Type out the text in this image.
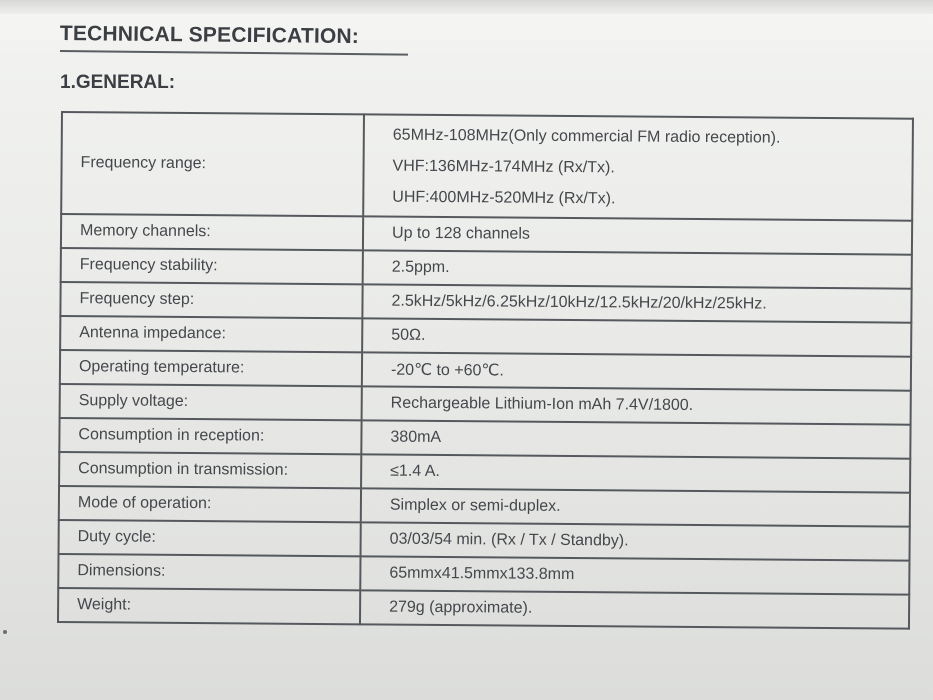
TECHNICAL SPECIFICATION:
1.GENERAL:
Frequency range:	65MHz-108MHz(Only commercial FM radio reception).
VHF:136MHz-174MHz (Rx/Tx).
UHF:400MHz-520MHz (Rx/Tx).

Memory channels:	Up to 128 channels
Frequency stability:	2.5ppm.
Frequency step:	2.5kHz/5kHz/6.25kHz/10kHz/12.5kHz/20/kHz/25kHz.
Antenna impedance:	50Ω.
Operating temperature:	-20℃ to +60℃.
Supply voltage:	Rechargeable Lithium-Ion mAh 7.4V/1800.
Consumption in reception:	380mA
Consumption in transmission:	≤1.4 A.
Mode of operation:	Simplex or semi-duplex.
Duty cycle:	03/03/54 min. (Rx / Tx / Standby).
Dimensions:	65mmx41.5mmx133.8mm
Weight:	279g (approximate).
